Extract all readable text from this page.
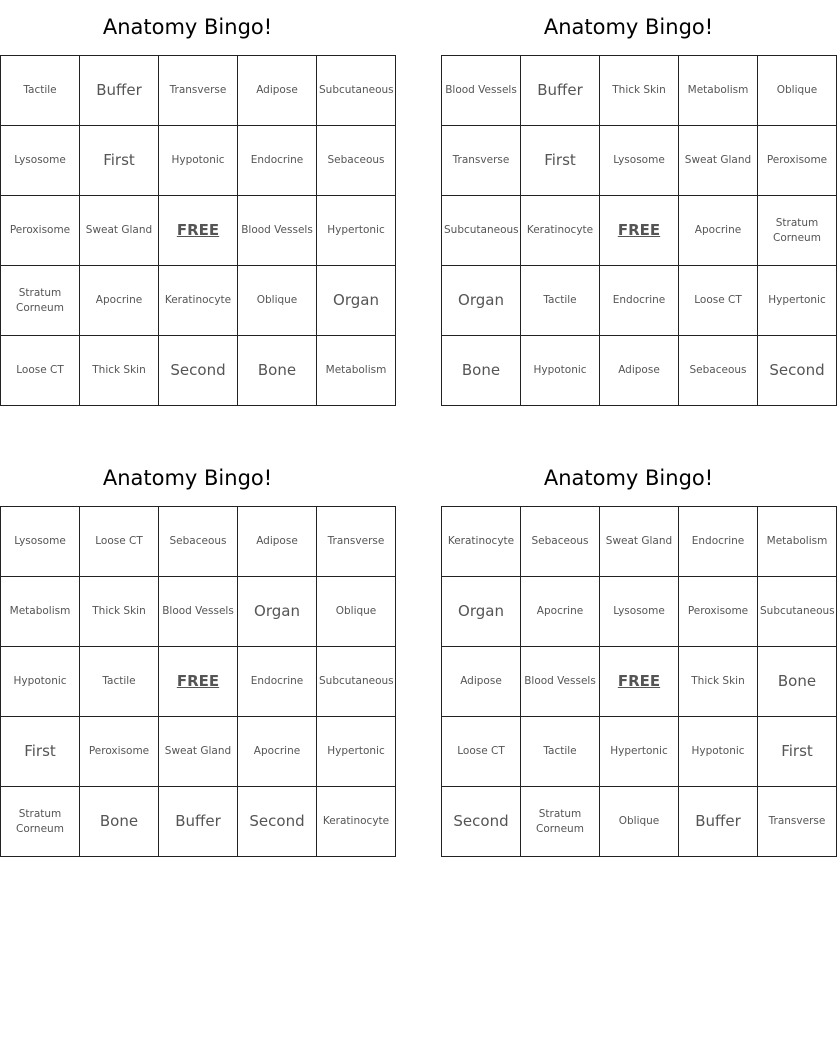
Anatomy Bingo!
Tactile	Buffer	Transverse	Adipose	Subcutaneous
Lysosome	First	Hypotonic	Endocrine	Sebaceous
Peroxisome	Sweat Gland	FREE	Blood Vessels	Hypertonic
Stratum Corneum	Apocrine	Keratinocyte	Oblique	Organ
Loose CT	Thick Skin	Second	Bone	Metabolism
Anatomy Bingo!
Blood Vessels	Buffer	Thick Skin	Metabolism	Oblique
Transverse	First	Lysosome	Sweat Gland	Peroxisome
Subcutaneous	Keratinocyte	FREE	Apocrine	Stratum Corneum
Organ	Tactile	Endocrine	Loose CT	Hypertonic
Bone	Hypotonic	Adipose	Sebaceous	Second
Anatomy Bingo!
Lysosome	Loose CT	Sebaceous	Adipose	Transverse
Metabolism	Thick Skin	Blood Vessels	Organ	Oblique
Hypotonic	Tactile	FREE	Endocrine	Subcutaneous
First	Peroxisome	Sweat Gland	Apocrine	Hypertonic
Stratum Corneum	Bone	Buffer	Second	Keratinocyte
Anatomy Bingo!
Keratinocyte	Sebaceous	Sweat Gland	Endocrine	Metabolism
Organ	Apocrine	Lysosome	Peroxisome	Subcutaneous
Adipose	Blood Vessels	FREE	Thick Skin	Bone
Loose CT	Tactile	Hypertonic	Hypotonic	First
Second	Stratum Corneum	Oblique	Buffer	Transverse
